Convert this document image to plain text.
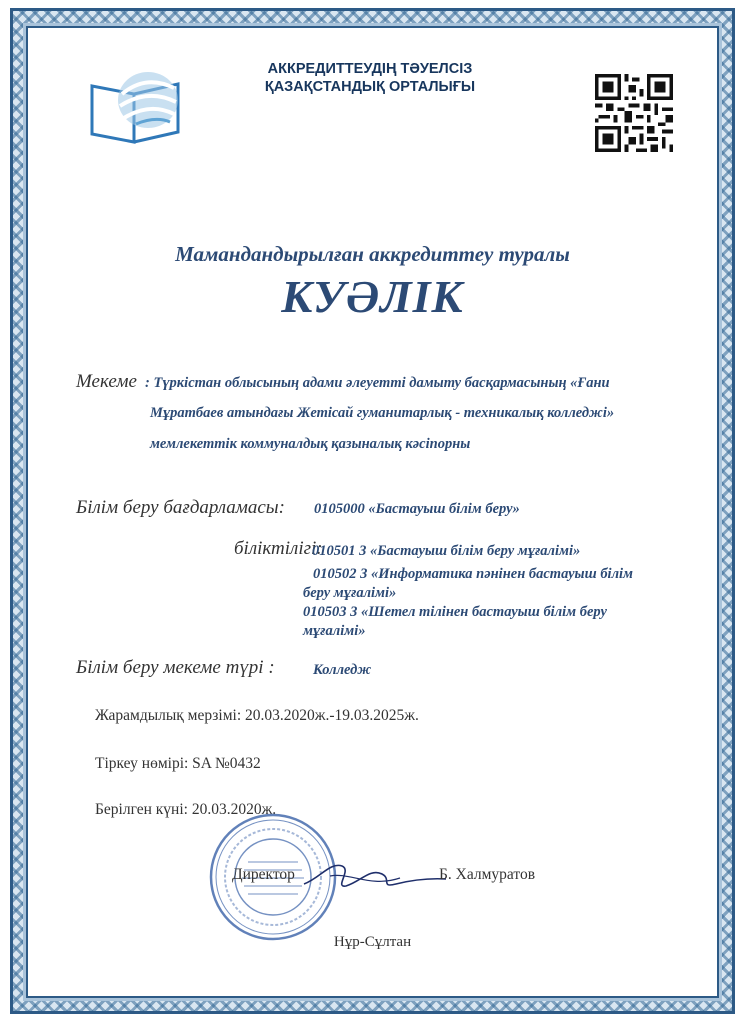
АККРЕДИТТЕУДІҢ ТӘУЕЛСІЗ
ҚАЗАҚСТАНДЫҚ ОРТАЛЫҒЫ
Мамандандырылған аккредиттеу туралы
КУӘЛІК
Мекеме : Түркістан облысының адами әлеуетті дамыту басқармасының «Ғани
Мұратбаев атындағы Жетісай гуманитарлық - техникалық колледжі»
мемлекеттік коммуналдық қазыналық кәсіпорны
Білім беру бағдарламасы: 0105000 «Бастауыш білім беру»
біліктілігі:
010501 3 «Бастауыш білім беру мұғалімі»
010502 3 «Информатика пәнінен бастауыш білім
беру мұғалімі»
010503 3 «Шетел тілінен бастауыш білім беру
мұғалімі»
Білім беру мекеме түрі :	Колледж
Жарамдылық мерзімі: 20.03.2020ж.-19.03.2025ж.
Тіркеу нөмірі: SA №0432
Берілген күні: 20.03.2020ж.
Директор	Б. Халмуратов
Нұр-Сұлтан
